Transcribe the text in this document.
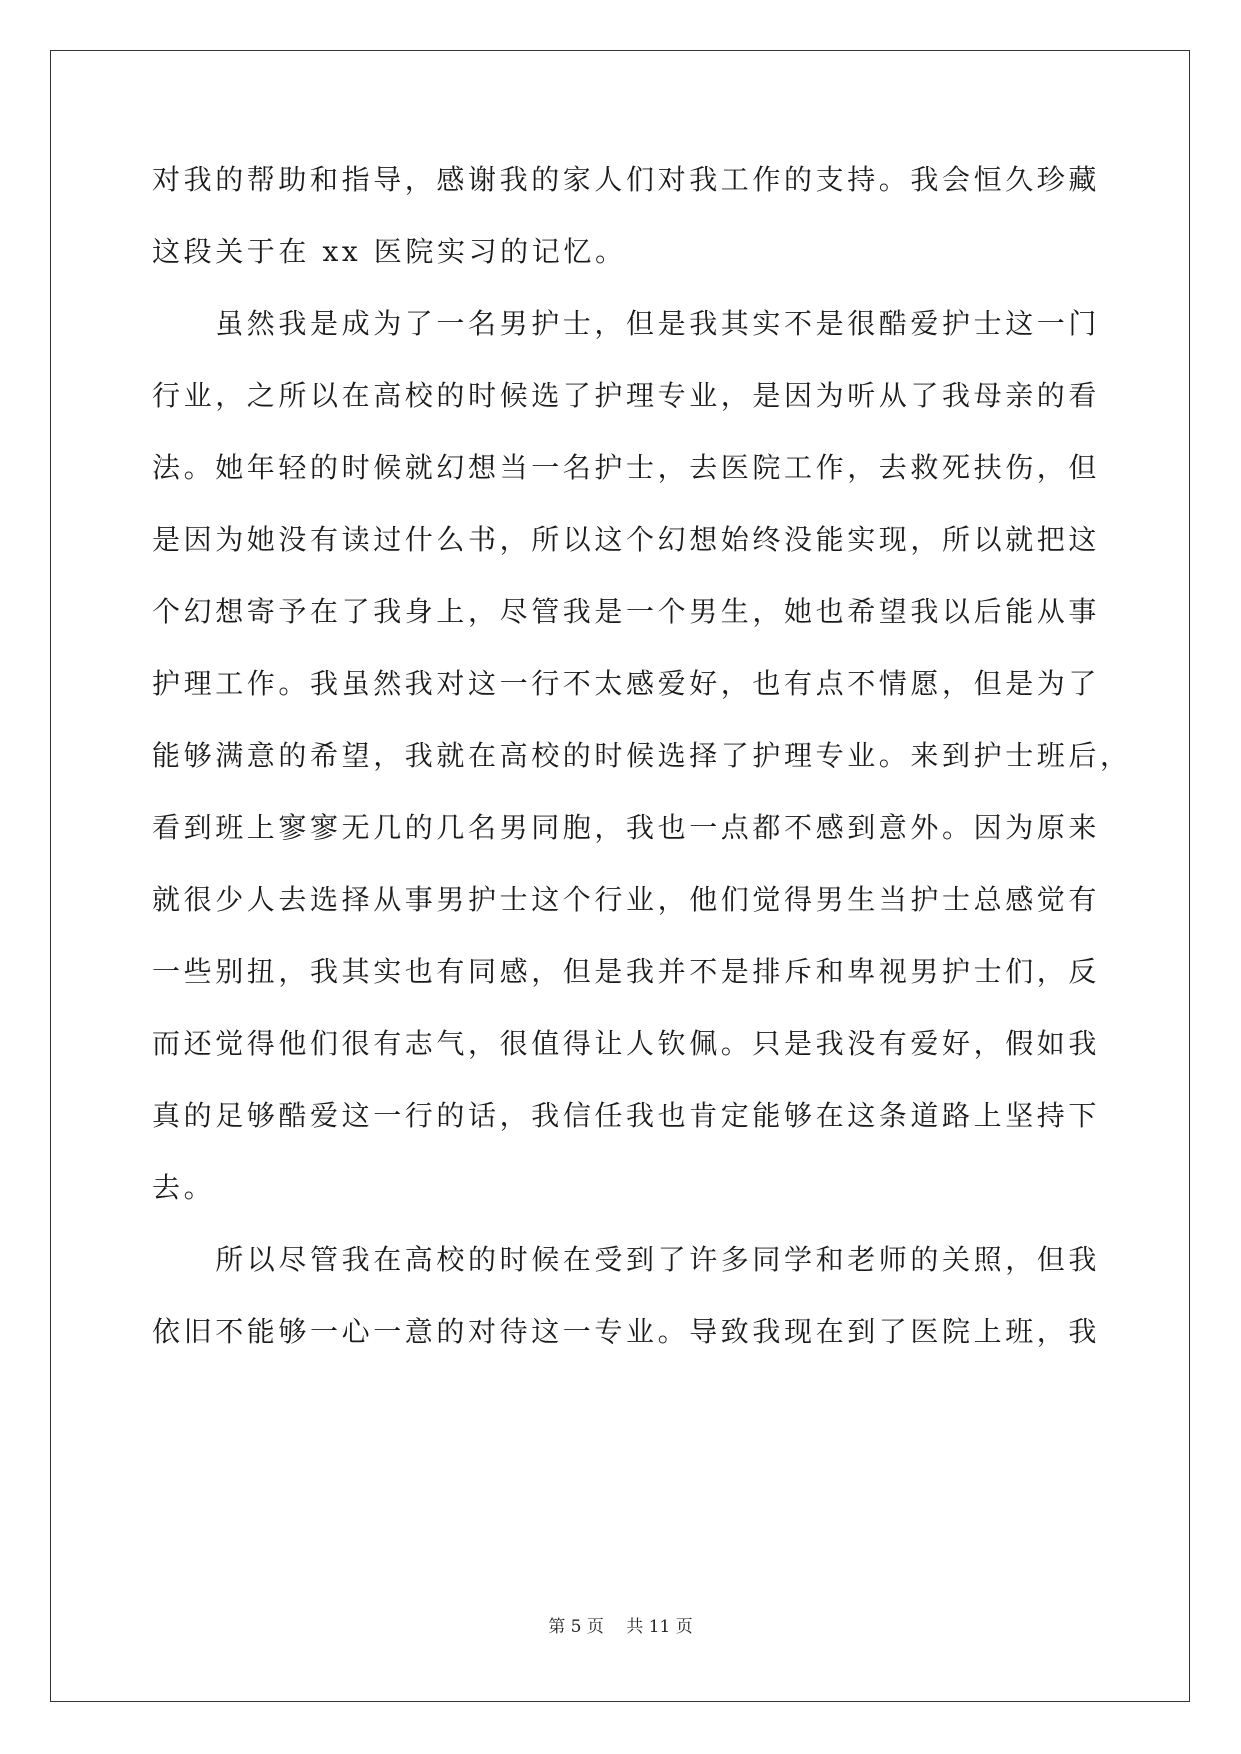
对我的帮助和指导，感谢我的家人们对我工作的支持。我会恒久珍藏
这段关于在 xx 医院实习的记忆。
　　虽然我是成为了一名男护士，但是我其实不是很酷爱护士这一门
行业，之所以在高校的时候选了护理专业，是因为听从了我母亲的看
法。她年轻的时候就幻想当一名护士，去医院工作，去救死扶伤，但
是因为她没有读过什么书，所以这个幻想始终没能实现，所以就把这
个幻想寄予在了我身上，尽管我是一个男生，她也希望我以后能从事
护理工作。我虽然我对这一行不太感爱好，也有点不情愿，但是为了
能够满意的希望，我就在高校的时候选择了护理专业。来到护士班后，
看到班上寥寥无几的几名男同胞，我也一点都不感到意外。因为原来
就很少人去选择从事男护士这个行业，他们觉得男生当护士总感觉有
一些别扭，我其实也有同感，但是我并不是排斥和卑视男护士们，反
而还觉得他们很有志气，很值得让人钦佩。只是我没有爱好，假如我
真的足够酷爱这一行的话，我信任我也肯定能够在这条道路上坚持下
去。
　　所以尽管我在高校的时候在受到了许多同学和老师的关照，但我
依旧不能够一心一意的对待这一专业。导致我现在到了医院上班，我
第 5 页　 共 11 页
